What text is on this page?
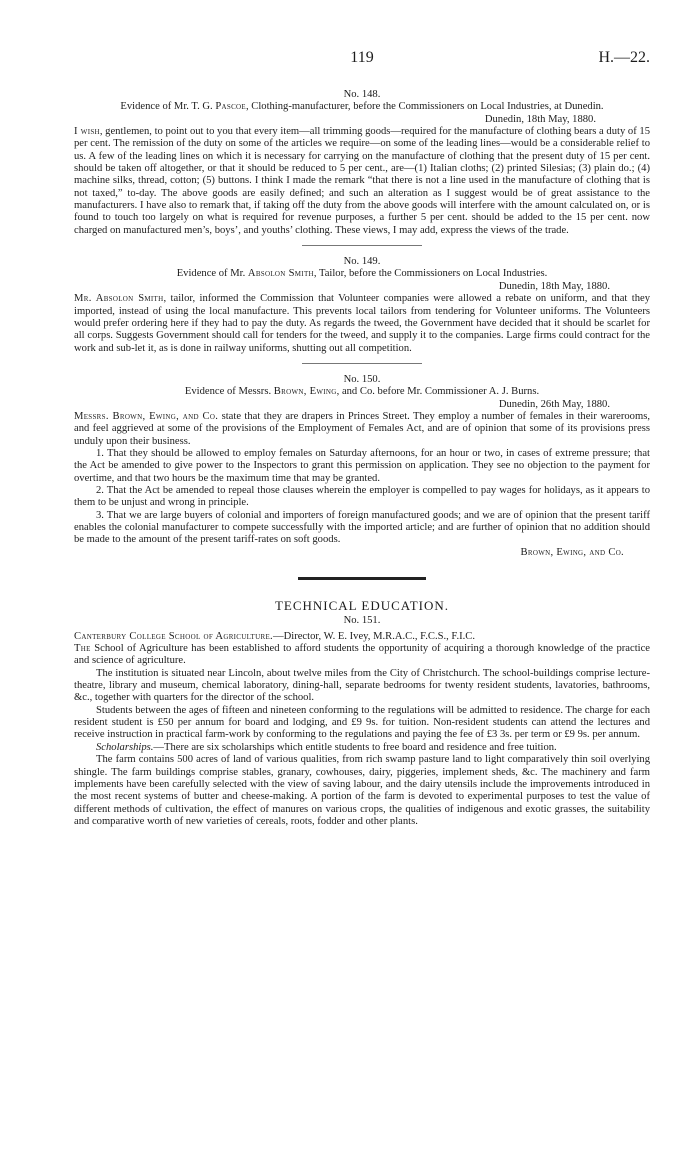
119	H.—22.
No. 148.
Evidence of Mr. T. G. Pascoe, Clothing-manufacturer, before the Commissioners on Local Industries, at Dunedin.
Dunedin, 18th May, 1880.

I wish, gentlemen, to point out to you that every item—all trimming goods—required for the manufacture of clothing bears a duty of 15 per cent. The remission of the duty on some of the articles we require—on some of the leading lines—would be a considerable relief to us. A few of the leading lines on which it is necessary for carrying on the manufacture of clothing that the present duty of 15 per cent. should be taken off altogether, or that it should be reduced to 5 per cent., are—(1) Italian cloths; (2) printed Silesias; (3) plain do.; (4) machine silks, thread, cotton; (5) buttons. I think I made the remark “that there is not a line used in the manufacture of clothing that is not taxed,” to-day. The above goods are easily defined; and such an alteration as I suggest would be of great assistance to the manufacturers. I have also to remark that, if taking off the duty from the above goods will interfere with the amount calculated on, or is found to touch too largely on what is required for revenue purposes, a further 5 per cent. should be added to the 15 per cent. now charged on manufactured men’s, boys’, and youths’ clothing. These views, I may add, express the views of the trade.

No. 149.
Evidence of Mr. Absolon Smith, Tailor, before the Commissioners on Local Industries.
Dunedin, 18th May, 1880.

Mr. Absolon Smith, tailor, informed the Commission that Volunteer companies were allowed a rebate on uniform, and that they imported, instead of using the local manufacture. This prevents local tailors from tendering for Volunteer uniforms. The Volunteers would prefer ordering here if they had to pay the duty. As regards the tweed, the Government have decided that it should be scarlet for all corps. Suggests Government should call for tenders for the tweed, and supply it to the companies. Large firms could contract for the work and sub-let it, as is done in railway uniforms, shutting out all competition.

No. 150.
Evidence of Messrs. Brown, Ewing, and Co. before Mr. Commissioner A. J. Burns.
Dunedin, 26th May, 1880.

Messrs. Brown, Ewing, and Co. state that they are drapers in Princes Street. They employ a number of females in their warerooms, and feel aggrieved at some of the provisions of the Employment of Females Act, and are of opinion that some of its provisions press unduly upon their business.

1. That they should be allowed to employ females on Saturday afternoons, for an hour or two, in cases of extreme pressure; that the Act be amended to give power to the Inspectors to grant this permission on application. They see no objection to the payment for overtime, and that two hours be the maximum time that may be granted.

2. That the Act be amended to repeal those clauses wherein the employer is compelled to pay wages for holidays, as it appears to them to be unjust and wrong in principle.

3. That we are large buyers of colonial and importers of foreign manufactured goods; and we are of opinion that the present tariff enables the colonial manufacturer to compete successfully with the imported article; and are further of opinion that no addition should be made to the amount of the present tariff-rates on soft goods.

Brown, Ewing, and Co.
TECHNICAL EDUCATION.
No. 151.

Canterbury College School of Agriculture.—Director, W. E. Ivey, M.R.A.C., F.C.S., F.I.C.

The School of Agriculture has been established to afford students the opportunity of acquiring a thorough knowledge of the practice and science of agriculture.

The institution is situated near Lincoln, about twelve miles from the City of Christchurch. The school-buildings comprise lecture-theatre, library and museum, chemical laboratory, dining-hall, separate bedrooms for twenty resident students, lavatories, bathrooms, &c., together with quarters for the director of the school.

Students between the ages of fifteen and nineteen conforming to the regulations will be admitted to residence. The charge for each resident student is £50 per annum for board and lodging, and £9 9s. for tuition. Non-resident students can attend the lectures and receive instruction in practical farm-work by conforming to the regulations and paying the fee of £3 3s. per term or £9 9s. per annum.

Scholarships.—There are six scholarships which entitle students to free board and residence and free tuition.

The farm contains 500 acres of land of various qualities, from rich swamp pasture land to light comparatively thin soil overlying shingle. The farm buildings comprise stables, granary, cowhouses, dairy, piggeries, implement sheds, &c. The machinery and farm implements have been carefully selected with the view of saving labour, and the dairy utensils include the improvements introduced in the most recent systems of butter and cheese-making. A portion of the farm is devoted to experimental purposes to test the value of different methods of cultivation, the effect of manures on various crops, the qualities of indigenous and exotic grasses, the suitability and comparative worth of new varieties of cereals, roots, fodder and other plants.
